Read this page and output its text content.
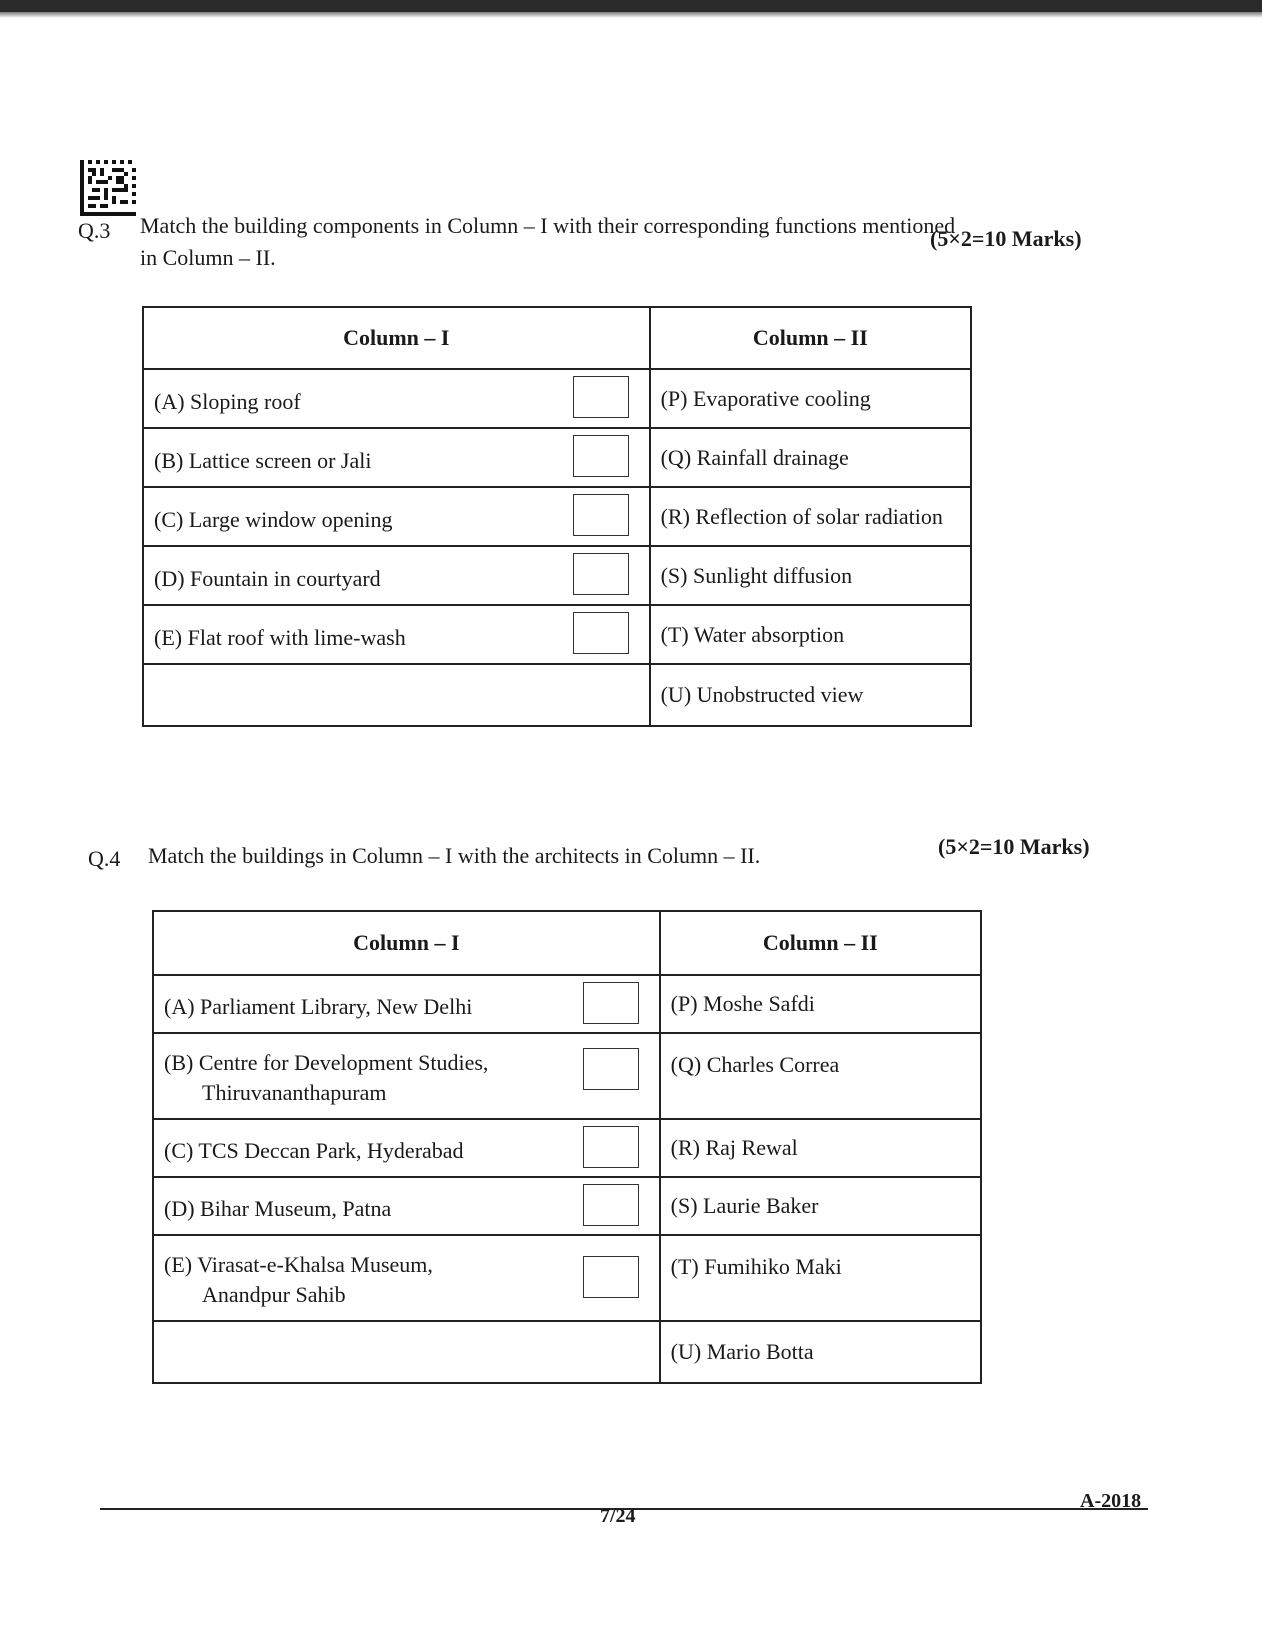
Q.3 Match the building components in Column – I with their corresponding functions mentioned
in Column – II.
(5×2=10 Marks)
Column – I	Column – II

(A) Sloping roof	(P) Evaporative cooling

(B) Lattice screen or Jali	(Q) Rainfall drainage

(C) Large window opening	(R) Reflection of solar radiation

(D) Fountain in courtyard	(S) Sunlight diffusion

(E) Flat roof with lime-wash	(T) Water absorption

	(U) Unobstructed view
Q.4 Match the buildings in Column – I with the architects in Column – II.	(5×2=10 Marks)
Column – I	Column – II

(A) Parliament Library, New Delhi	(P) Moshe Safdi

(B) Centre for Development Studies,
Thiruvananthapuram	(Q) Charles Correa

(C) TCS Deccan Park, Hyderabad	(R) Raj Rewal

(D) Bihar Museum, Patna	(S) Laurie Baker

(E) Virasat-e-Khalsa Museum,
Anandpur Sahib	(T) Fumihiko Maki

	(U) Mario Botta
7/24
A-2018
